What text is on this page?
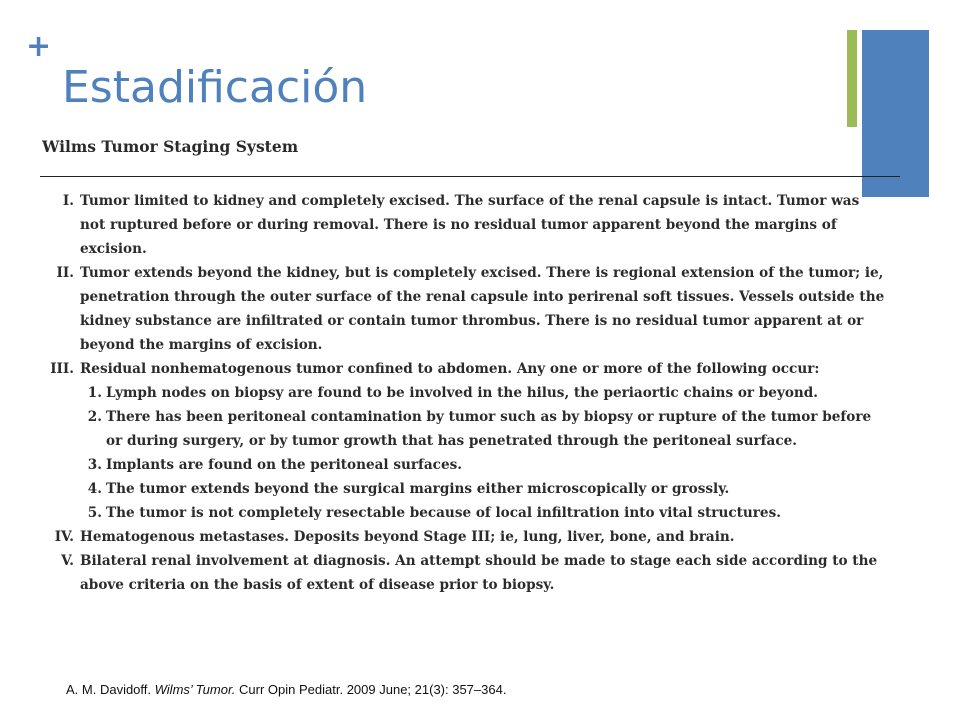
+
Estadificación
Wilms Tumor Staging System
I. Tumor limited to kidney and completely excised. The surface of the renal capsule is intact. Tumor was not ruptured before or during removal. There is no residual tumor apparent beyond the margins of excision.
II. Tumor extends beyond the kidney, but is completely excised. There is regional extension of the tumor; ie, penetration through the outer surface of the renal capsule into perirenal soft tissues. Vessels outside the kidney substance are infiltrated or contain tumor thrombus. There is no residual tumor apparent at or beyond the margins of excision.
III. Residual nonhematogenous tumor confined to abdomen. Any one or more of the following occur:
1. Lymph nodes on biopsy are found to be involved in the hilus, the periaortic chains or beyond.
2. There has been peritoneal contamination by tumor such as by biopsy or rupture of the tumor before or during surgery, or by tumor growth that has penetrated through the peritoneal surface.
3. Implants are found on the peritoneal surfaces.
4. The tumor extends beyond the surgical margins either microscopically or grossly.
5. The tumor is not completely resectable because of local infiltration into vital structures.
IV. Hematogenous metastases. Deposits beyond Stage III; ie, lung, liver, bone, and brain.
V. Bilateral renal involvement at diagnosis. An attempt should be made to stage each side according to the above criteria on the basis of extent of disease prior to biopsy.
A. M. Davidoff. Wilms’ Tumor. Curr Opin Pediatr. 2009 June; 21(3): 357–364.
